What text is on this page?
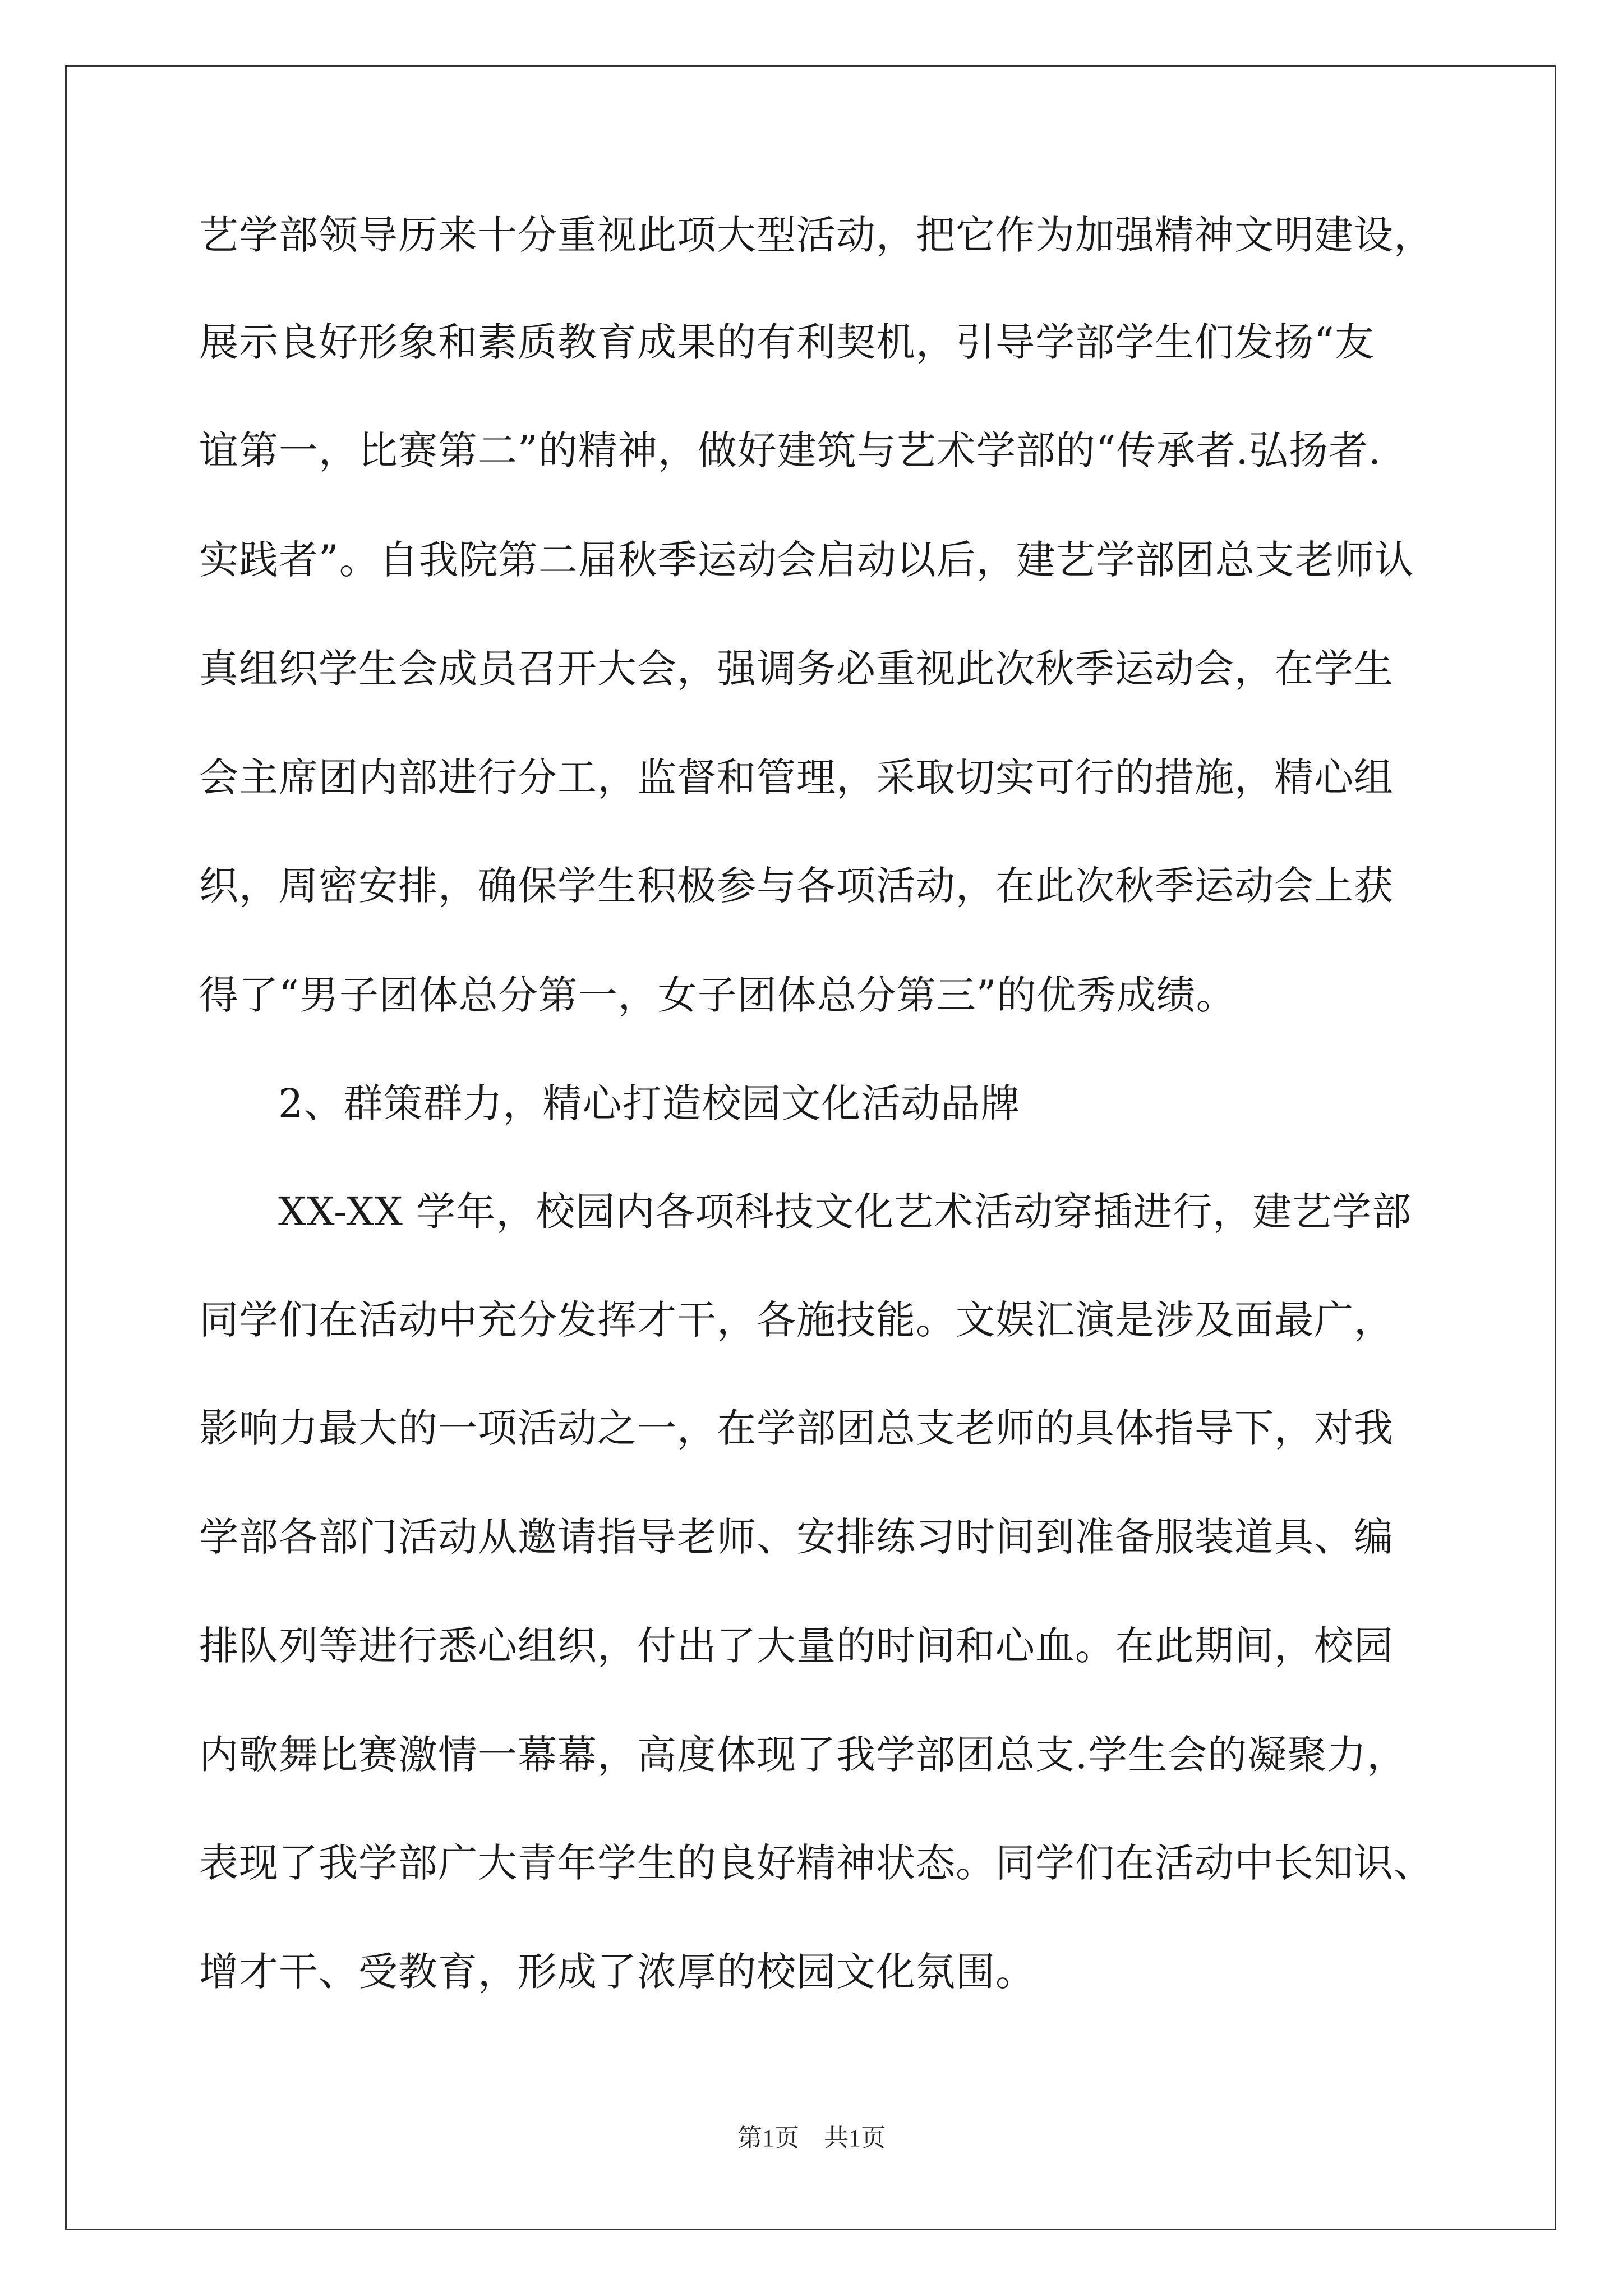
艺学部领导历来十分重视此项大型活动，把它作为加强精神文明建设，
展示良好形象和素质教育成果的有利契机，引导学部学生们发扬“友
谊第一，比赛第二”的精神，做好建筑与艺术学部的“传承者.弘扬者.
实践者”。自我院第二届秋季运动会启动以后，建艺学部团总支老师认
真组织学生会成员召开大会，强调务必重视此次秋季运动会，在学生
会主席团内部进行分工，监督和管理，采取切实可行的措施，精心组
织，周密安排，确保学生积极参与各项活动，在此次秋季运动会上获
得了“男子团体总分第一，女子团体总分第三”的优秀成绩。
2、群策群力，精心打造校园文化活动品牌
XX-XX 学年，校园内各项科技文化艺术活动穿插进行，建艺学部
同学们在活动中充分发挥才干，各施技能。文娱汇演是涉及面最广，
影响力最大的一项活动之一，在学部团总支老师的具体指导下，对我
学部各部门活动从邀请指导老师、安排练习时间到准备服装道具、编
排队列等进行悉心组织，付出了大量的时间和心血。在此期间，校园
内歌舞比赛激情一幕幕，高度体现了我学部团总支.学生会的凝聚力，
表现了我学部广大青年学生的良好精神状态。同学们在活动中长知识、
增才干、受教育，形成了浓厚的校园文化氛围。
第1页　共1页
